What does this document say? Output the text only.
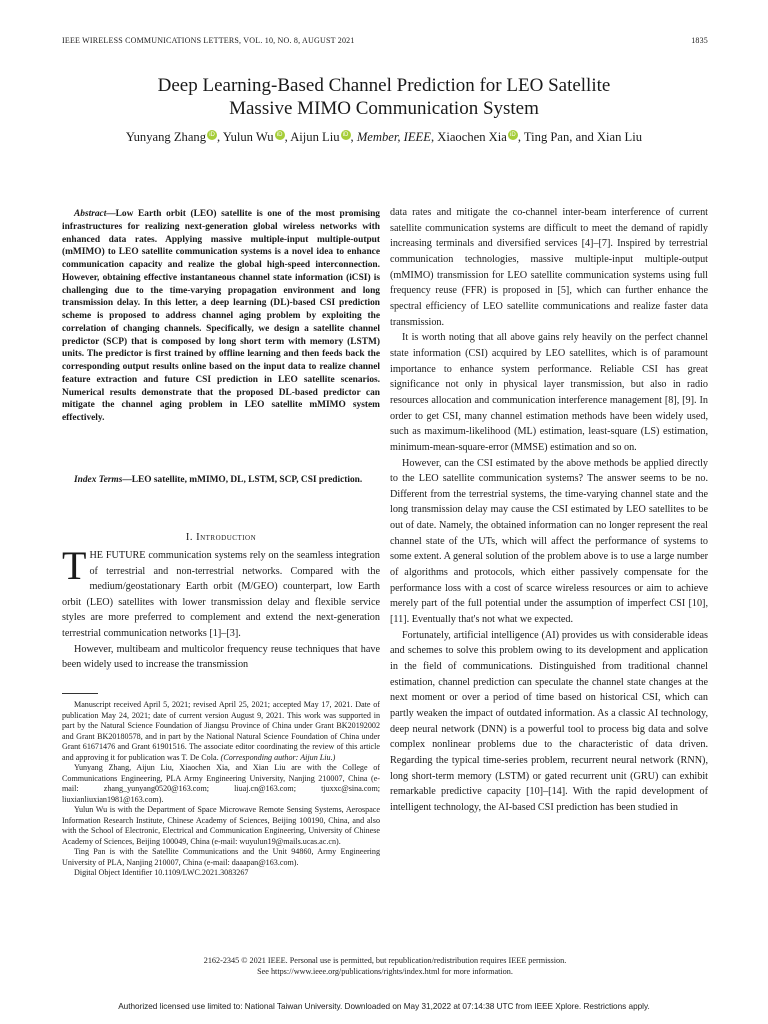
IEEE WIRELESS COMMUNICATIONS LETTERS, VOL. 10, NO. 8, AUGUST 2021	1835
Deep Learning-Based Channel Prediction for LEO Satellite
Massive MIMO Communication System
Yunyang Zhang iD , Yulun Wu iD , Aijun Liu iD , Member, IEEE, Xiaochen Xia iD , Ting Pan, and Xian Liu

Abstract—Low Earth orbit (LEO) satellite is one of the most promising infrastructures for realizing next-generation global wireless networks with enhanced data rates. Applying massive multiple-input multiple-output (mMIMO) to LEO satellite communication systems is a novel idea to enhance communication capacity and realize the global high-speed interconnection. However, obtaining effective instantaneous channel state information (iCSI) is challenging due to the time-varying propagation environment and long transmission delay. In this letter, a deep learning (DL)-based CSI prediction scheme is proposed to address channel aging problem by exploiting the correlation of changing channels. Specifically, we design a satellite channel predictor (SCP) that is composed by long short term with memory (LSTM) units. The predictor is first trained by offline learning and then feeds back the corresponding output results online based on the input data to realize channel feature extraction and future CSI prediction in LEO satellite scenarios. Numerical results demonstrate that the proposed DL-based predictor can mitigate the channel aging problem in LEO satellite mMIMO system effectively.

Index Terms—LEO satellite, mMIMO, DL, LSTM, SCP, CSI prediction.

I. Introduction

THE FUTURE communication systems rely on the seamless integration of terrestrial and non-terrestrial networks. Compared with the medium/geostationary Earth orbit (M/GEO) counterpart, low Earth orbit (LEO) satellites with lower transmission delay and flexible service styles are more preferred to complement and extend the next-generation terrestrial communication networks [1]–[3].

However, multibeam and multicolor frequency reuse techniques that have been widely used to increase the transmission

Manuscript received April 5, 2021; revised April 25, 2021; accepted May 17, 2021. Date of publication May 24, 2021; date of current version August 9, 2021. This work was supported in part by the Natural Science Foundation of Jiangsu Province of China under Grant BK20192002 and Grant BK20180578, and in part by the National Natural Science Foundation of China under Grant 61671476 and Grant 61901516. The associate editor coordinating the review of this article and approving it for publication was T. De Cola. (Corresponding author: Aijun Liu.)

Yunyang Zhang, Aijun Liu, Xiaochen Xia, and Xian Liu are with the College of Communications Engineering, PLA Army Engineering University, Nanjing 210007, China (e-mail: zhang_yunyang0520@163.com; liuaj.cn@163.com; tjuxxc@sina.com; liuxianliuxian1981@163.com).

Yulun Wu is with the Department of Space Microwave Remote Sensing Systems, Aerospace Information Research Institute, Chinese Academy of Sciences, Beijing 100190, China, and also with the School of Electronic, Electrical and Communication Engineering, University of Chinese Academy of Sciences, Beijing 100049, China (e-mail: wuyulun19@mails.ucas.ac.cn).

Ting Pan is with the Satellite Communications and the Unit 94860, Army Engineering University of PLA, Nanjing 210007, China (e-mail: daaapan@163.com).

Digital Object Identifier 10.1109/LWC.2021.3083267

data rates and mitigate the co-channel inter-beam interference of current satellite communication systems are difficult to meet the demand of rapidly increasing terminals and diversified services [4]–[7]. Inspired by terrestrial communication technologies, massive multiple-input multiple-output (mMIMO) transmission for LEO satellite communication systems using full frequency reuse (FFR) is proposed in [5], which can further enhance the spectral efficiency of LEO satellite communications and realize faster data transmission.

It is worth noting that all above gains rely heavily on the perfect channel state information (CSI) acquired by LEO satellites, which is of paramount importance to enhance system performance. Reliable CSI has great significance not only in physical layer transmission, but also in radio resources allocation and communication interference management [8], [9]. In order to get CSI, many channel estimation methods have been widely used, such as maximum-likelihood (ML) estimation, least-square (LS) estimation, minimum-mean-square-error (MMSE) estimation and so on.

However, can the CSI estimated by the above methods be applied directly to the LEO satellite communication systems? The answer seems to be no. Different from the terrestrial systems, the time-varying channel state and the long transmission delay may cause the CSI estimated by LEO satellites to be out of date. Namely, the obtained information can no longer represent the real channel state of the UTs, which will affect the performance of systems to some extent. A general solution of the problem above is to use a large number of algorithms and protocols, which either passively compensate for the performance loss with a cost of scarce wireless resources or aim to achieve merely part of the full potential under the assumption of imperfect CSI [10], [11]. Eventually that's not what we expected.

Fortunately, artificial intelligence (AI) provides us with considerable ideas and schemes to solve this problem owing to its development and application in the field of communications. Distinguished from traditional channel estimation, channel prediction can speculate the channel state changes at the next moment or over a period of time based on historical CSI, which can partly weaken the impact of outdated information. As a classic AI technology, deep neural network (DNN) is a powerful tool to process big data and solve complex nonlinear problems due to the characteristic of data driven. Regarding the typical time-series problem, recurrent neural network (RNN), long short-term memory (LSTM) or gated recurrent unit (GRU) can exhibit remarkable predictive capacity [10]–[14]. With the rapid development of intelligent technology, the AI-based CSI prediction has been studied in

2162-2345 © 2021 IEEE. Personal use is permitted, but republication/redistribution requires IEEE permission.
See https://www.ieee.org/publications/rights/index.html for more information.
Authorized licensed use limited to: National Taiwan University. Downloaded on May 31,2022 at 07:14:38 UTC from IEEE Xplore. Restrictions apply.
